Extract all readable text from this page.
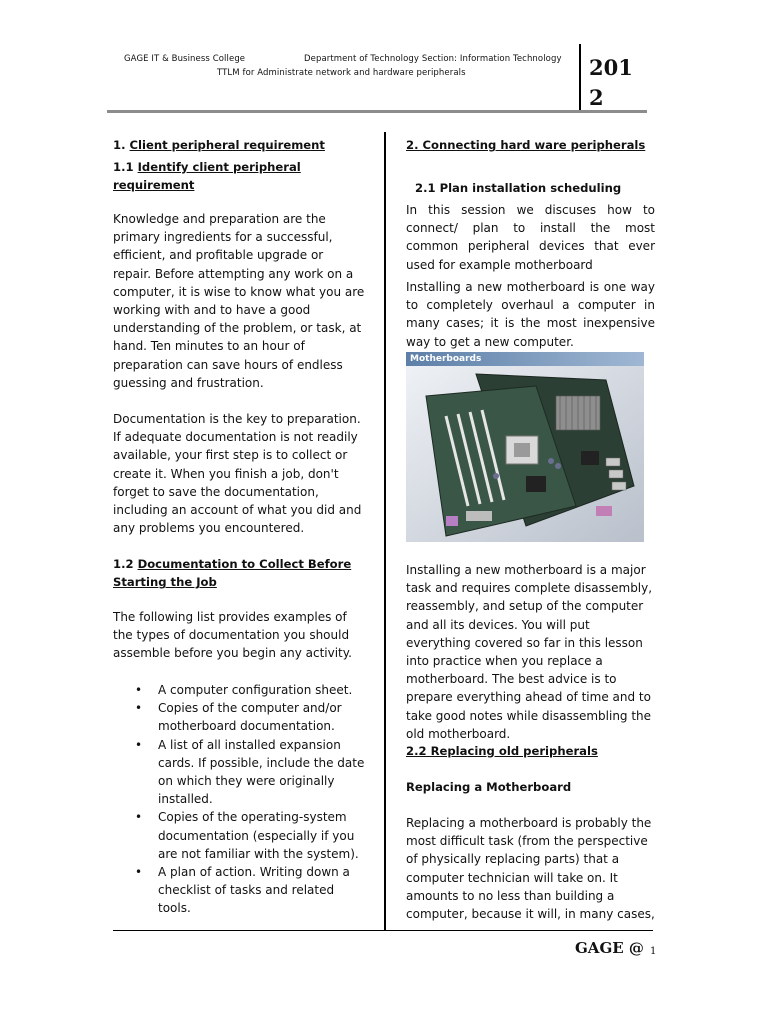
GAGE IT & Business College	Department of Technology Section: Information Technology
TTLM for Administrate network and hardware peripherals	201
2
1. Client peripheral requirement
1.1 Identify client peripheral
requirement

Knowledge and preparation are the primary ingredients for a successful, efficient, and profitable upgrade or repair. Before attempting any work on a computer, it is wise to know what you are working with and to have a good understanding of the problem, or task, at hand. Ten minutes to an hour of preparation can save hours of endless guessing and frustration.

Documentation is the key to preparation. If adequate documentation is not readily available, your first step is to collect or create it. When you finish a job, don't forget to save the documentation, including an account of what you did and any problems you encountered.

1.2 Documentation to Collect Before
Starting the Job

The following list provides examples of the types of documentation you should assemble before you begin any activity.

• A computer configuration sheet.
• Copies of the computer and/or motherboard documentation.
• A list of all installed expansion cards. If possible, include the date on which they were originally installed.
• Copies of the operating-system documentation (especially if you are not familiar with the system).
• A plan of action. Writing down a checklist of tasks and related tools.
2. Connecting hard ware peripherals
2.1 Plan installation scheduling

In this session we discuses how to connect/ plan to install the most common peripheral devices that ever used for example motherboard

Installing a new motherboard is one way to completely overhaul a computer in many cases; it is the most inexpensive way to get a new computer.

Motherboards

Installing a new motherboard is a major task and requires complete disassembly, reassembly, and setup of the computer and all its devices. You will put everything covered so far in this lesson into practice when you replace a motherboard. The best advice is to prepare everything ahead of time and to take good notes while disassembling the old motherboard.

2.2 Replacing old peripherals
Replacing a Motherboard

Replacing a motherboard is probably the most difficult task (from the perspective of physically replacing parts) that a computer technician will take on. It amounts to no less than building a computer, because it will, in many cases,

GAGE @ 1
